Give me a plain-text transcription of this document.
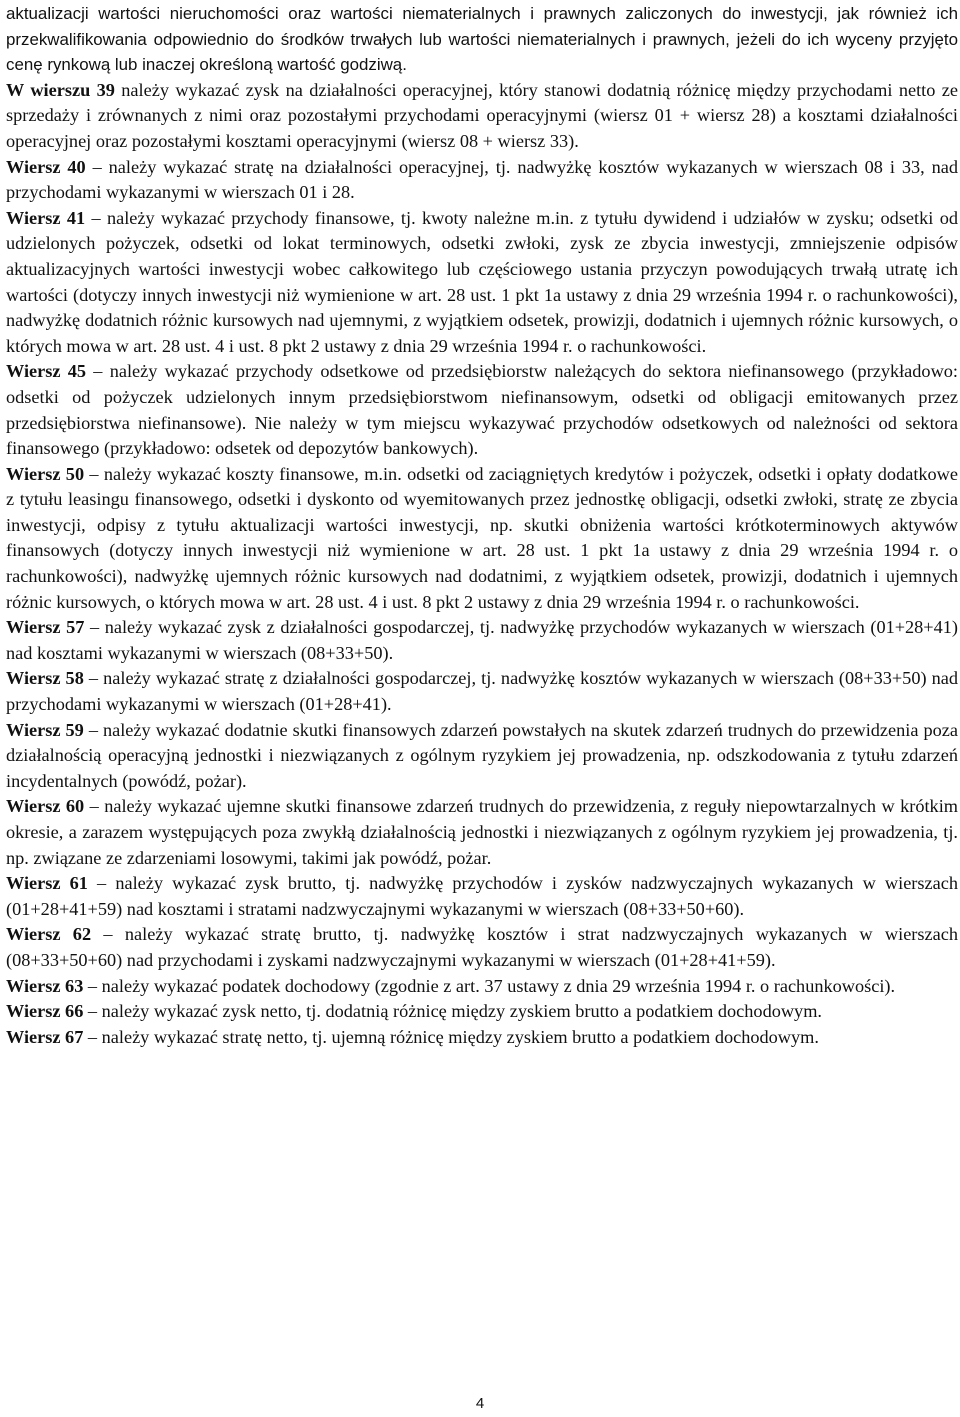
aktualizacji wartości nieruchomości oraz wartości niematerialnych i prawnych zaliczonych do inwestycji, jak również ich przekwalifikowania odpowiednio do środków trwałych lub wartości niematerialnych i prawnych, jeżeli do ich wyceny przyjęto cenę rynkową lub inaczej określoną wartość godziwą.

W wierszu 39 należy wykazać zysk na działalności operacyjnej, który stanowi dodatnią różnicę między przychodami netto ze sprzedaży i zrównanych z nimi oraz pozostałymi przychodami operacyjnymi (wiersz 01 + wiersz 28) a kosztami działalności operacyjnej oraz pozostałymi kosztami operacyjnymi (wiersz 08 + wiersz 33).

Wiersz 40 – należy wykazać stratę na działalności operacyjnej, tj. nadwyżkę kosztów wykazanych w wierszach 08 i 33, nad przychodami wykazanymi w wierszach 01 i 28.

Wiersz 41 – należy wykazać przychody finansowe, tj. kwoty należne m.in. z tytułu dywidend i udziałów w zysku; odsetki od udzielonych pożyczek, odsetki od lokat terminowych, odsetki zwłoki, zysk ze zbycia inwestycji, zmniejszenie odpisów aktualizacyjnych wartości inwestycji wobec całkowitego lub częściowego ustania przyczyn powodujących trwałą utratę ich wartości (dotyczy innych inwestycji niż wymienione w art. 28 ust. 1 pkt 1a ustawy z dnia 29 września 1994 r. o rachunkowości), nadwyżkę dodatnich różnic kursowych nad ujemnymi, z wyjątkiem odsetek, prowizji, dodatnich i ujemnych różnic kursowych, o których mowa w art. 28 ust. 4 i ust. 8 pkt 2 ustawy z dnia 29 września 1994 r. o rachunkowości.

Wiersz 45 – należy wykazać przychody odsetkowe od przedsiębiorstw należących do sektora niefinansowego (przykładowo: odsetki od pożyczek udzielonych innym przedsiębiorstwom niefinansowym, odsetki od obligacji emitowanych przez przedsiębiorstwa niefinansowe). Nie należy w tym miejscu wykazywać przychodów odsetkowych od należności od sektora finansowego (przykładowo: odsetek od depozytów bankowych).

Wiersz 50 – należy wykazać koszty finansowe, m.in. odsetki od zaciągniętych kredytów i pożyczek, odsetki i opłaty dodatkowe z tytułu leasingu finansowego, odsetki i dyskonto od wyemitowanych przez jednostkę obligacji, odsetki zwłoki, stratę ze zbycia inwestycji, odpisy z tytułu aktualizacji wartości inwestycji, np. skutki obniżenia wartości krótkoterminowych aktywów finansowych (dotyczy innych inwestycji niż wymienione w art. 28 ust. 1 pkt 1a ustawy z dnia 29 września 1994 r. o rachunkowości), nadwyżkę ujemnych różnic kursowych nad dodatnimi, z wyjątkiem odsetek, prowizji, dodatnich i ujemnych różnic kursowych, o których mowa w art. 28 ust. 4 i ust. 8 pkt 2 ustawy z dnia 29 września 1994 r. o rachunkowości.

Wiersz 57 – należy wykazać zysk z działalności gospodarczej, tj. nadwyżkę przychodów wykazanych w wierszach (01+28+41) nad kosztami wykazanymi w wierszach (08+33+50).

Wiersz 58 – należy wykazać stratę z działalności gospodarczej, tj. nadwyżkę kosztów wykazanych w wierszach (08+33+50) nad przychodami wykazanymi w wierszach (01+28+41).

Wiersz 59 – należy wykazać dodatnie skutki finansowych zdarzeń powstałych na skutek zdarzeń trudnych do przewidzenia poza działalnością operacyjną jednostki i niezwiązanych z ogólnym ryzykiem jej prowadzenia, np. odszkodowania z tytułu zdarzeń incydentalnych (powódź, pożar).

Wiersz 60 – należy wykazać ujemne skutki finansowe zdarzeń trudnych do przewidzenia, z reguły niepowtarzalnych w krótkim okresie, a zarazem występujących poza zwykłą działalnością jednostki i niezwiązanych z ogólnym ryzykiem jej prowadzenia, tj. np. związane ze zdarzeniami losowymi, takimi jak powódź, pożar.

Wiersz 61 – należy wykazać zysk brutto, tj. nadwyżkę przychodów i zysków nadzwyczajnych wykazanych w wierszach (01+28+41+59) nad kosztami i stratami nadzwyczajnymi wykazanymi w wierszach (08+33+50+60).

Wiersz 62 – należy wykazać stratę brutto, tj. nadwyżkę kosztów i strat nadzwyczajnych wykazanych w wierszach (08+33+50+60) nad przychodami i zyskami nadzwyczajnymi wykazanymi w wierszach (01+28+41+59).

Wiersz 63 – należy wykazać podatek dochodowy (zgodnie z art. 37 ustawy z dnia 29 września 1994 r. o rachunkowości).

Wiersz 66 – należy wykazać zysk netto, tj. dodatnią różnicę między zyskiem brutto a podatkiem dochodowym.

Wiersz 67 – należy wykazać stratę netto, tj. ujemną różnicę między zyskiem brutto a podatkiem dochodowym.

4
